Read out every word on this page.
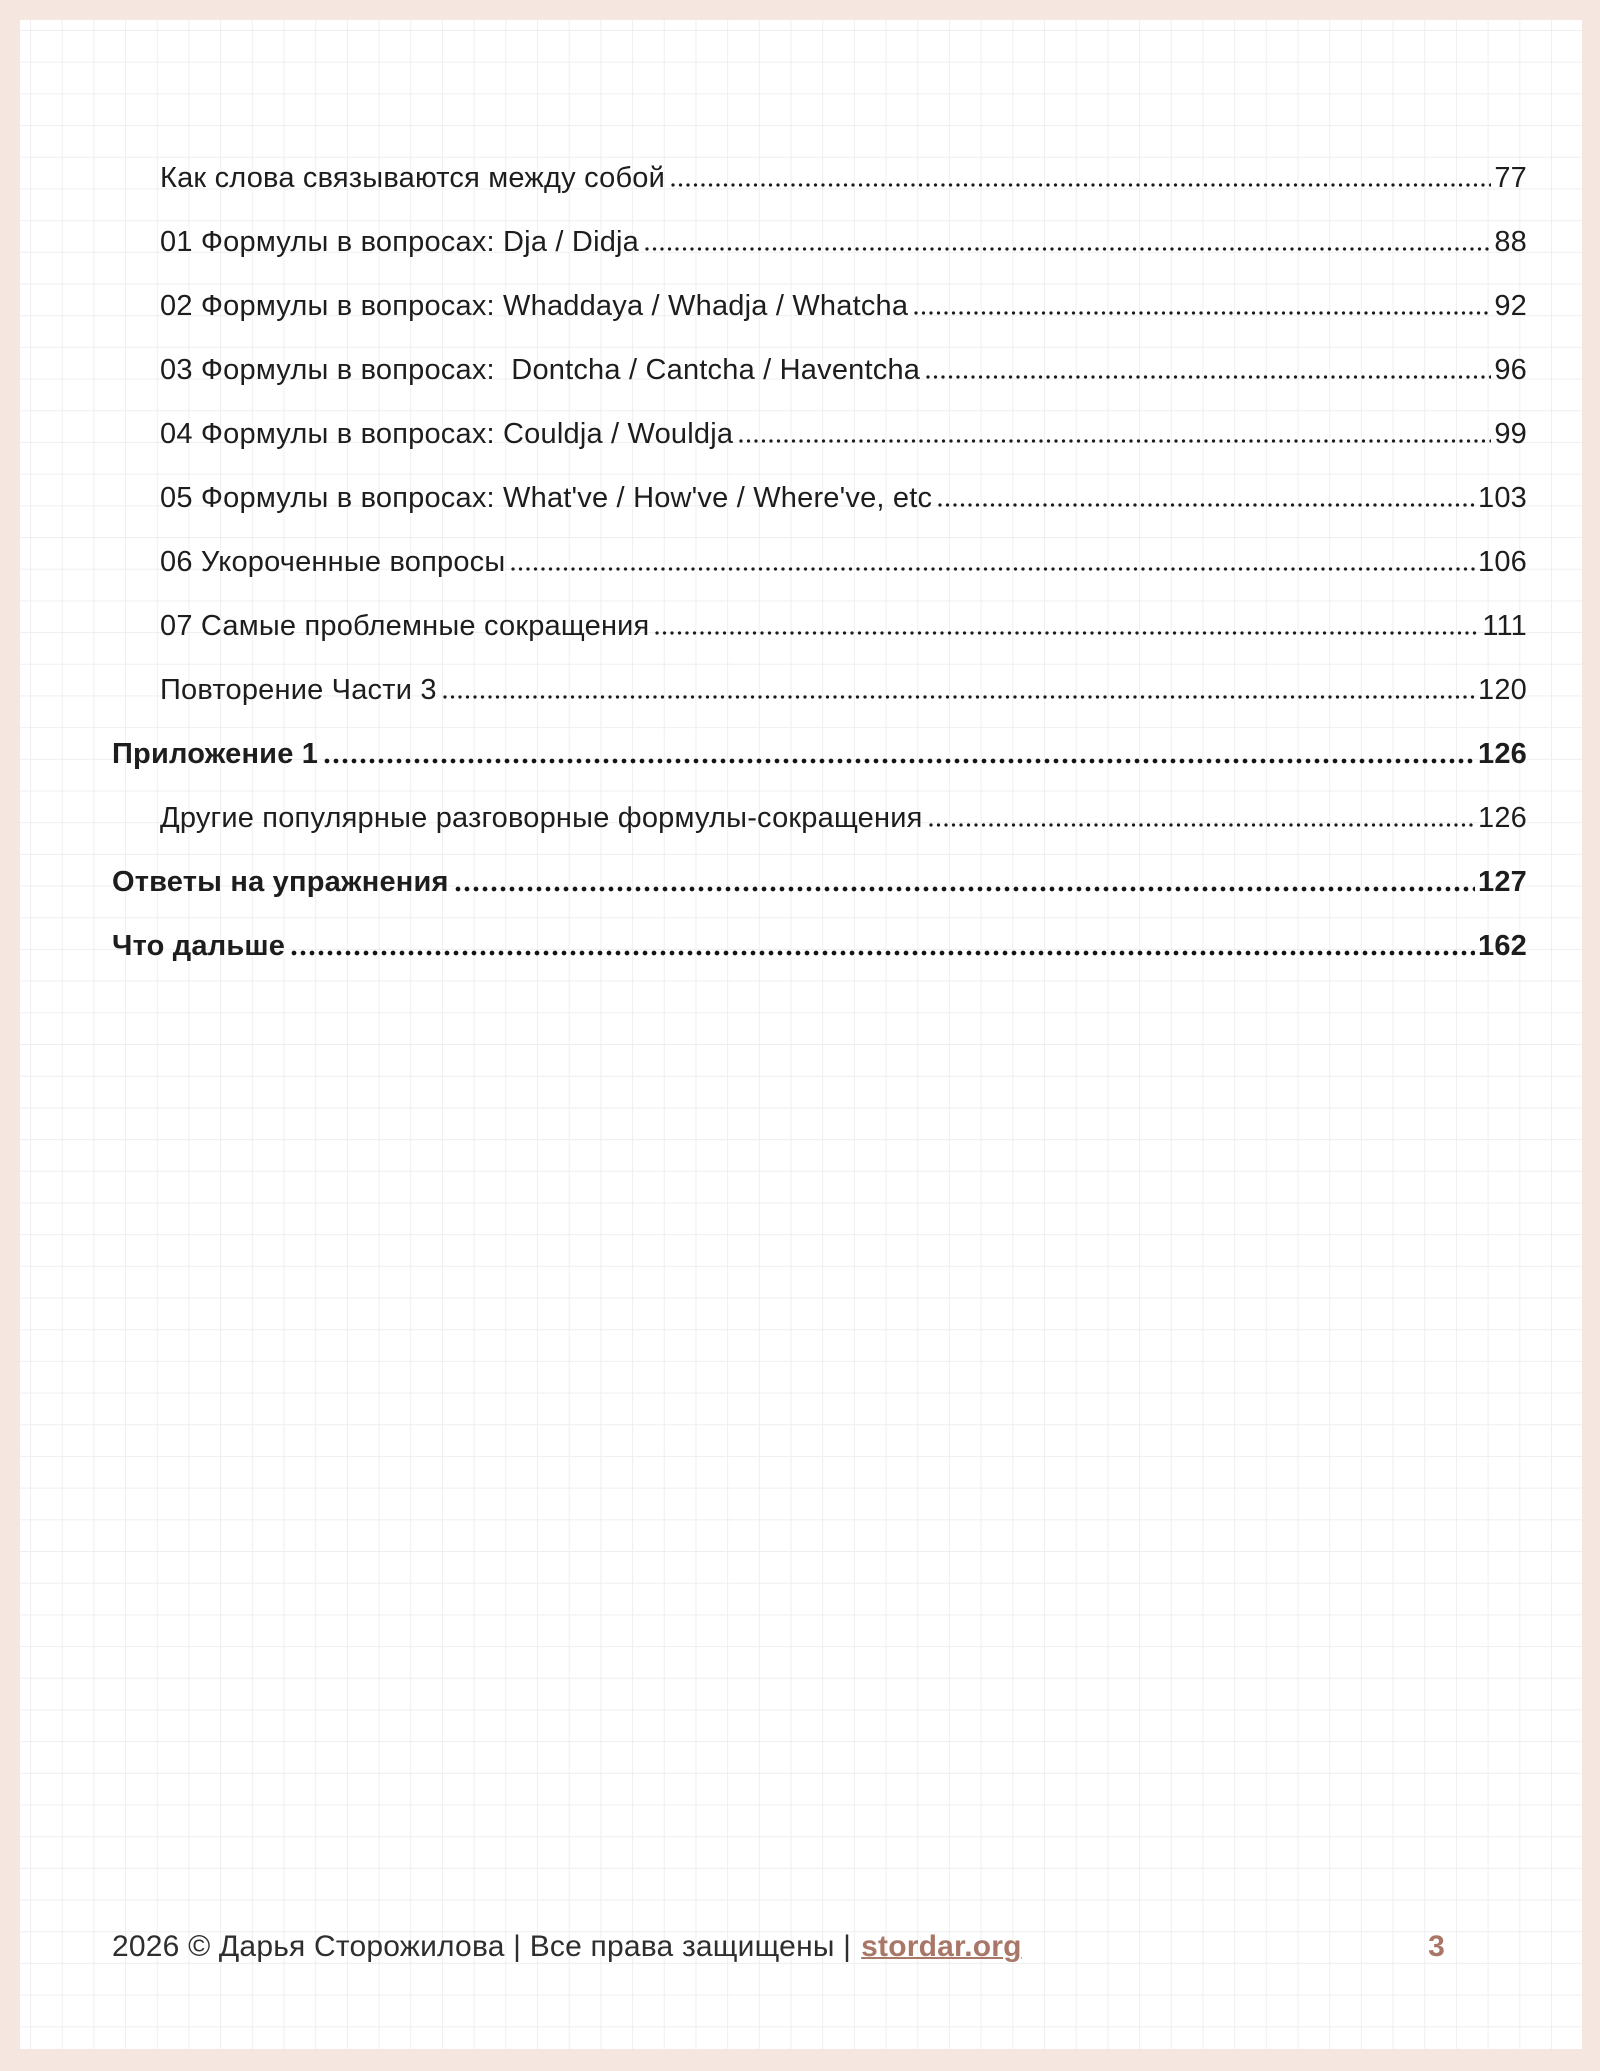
Как слова связываются между собой	77
01 Формулы в вопросах: Dja / Didja	88
02 Формулы в вопросах: Whaddaya / Whadja / Whatcha	92
03 Формулы в вопросах:  Dontcha / Cantcha / Haventcha	96
04 Формулы в вопросах: Couldja / Wouldja	99
05 Формулы в вопросах: What've / How've / Where've, etc	103
06 Укороченные вопросы	106
07 Самые проблемные сокращения	111
Повторение Части 3	120
Приложение 1	126
Другие популярные разговорные формулы-сокращения	126
Ответы на упражнения	127
Что дальше	162
2026 © Дарья Сторожилова | Все права защищены | stordar.org	3
